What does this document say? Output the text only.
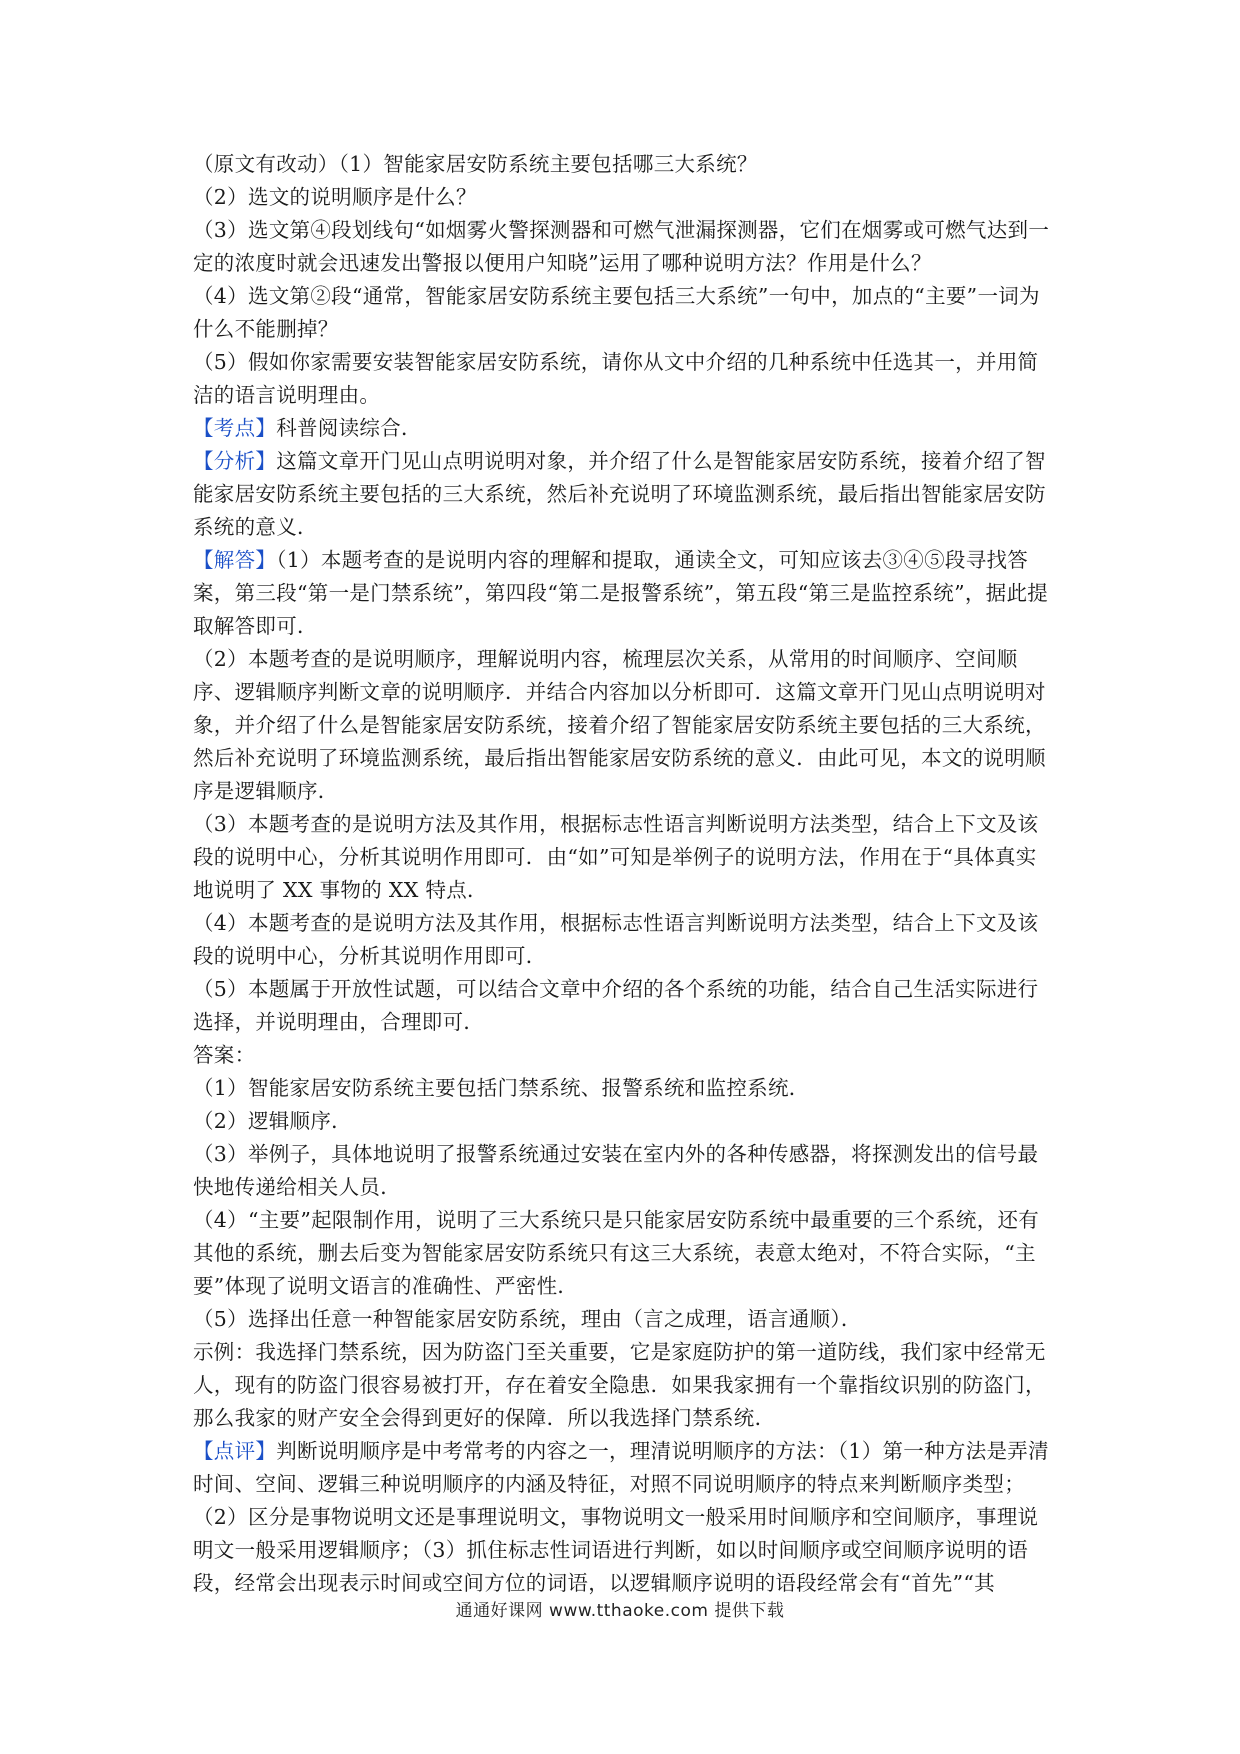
（原文有改动）（1）智能家居安防系统主要包括哪三大系统？

（2）选文的说明顺序是什么？

（3）选文第④段划线句“如烟雾火警探测器和可燃气泄漏探测器，它们在烟雾或可燃气达到一定的浓度时就会迅速发出警报以便用户知晓”运用了哪种说明方法？作用是什么？

（4）选文第②段“通常，智能家居安防系统主要包括三大系统”一句中，加点的“主要”一词为什么不能删掉？

（5）假如你家需要安装智能家居安防系统，请你从文中介绍的几种系统中任选其一，并用简洁的语言说明理由。

【考点】科普阅读综合．

【分析】这篇文章开门见山点明说明对象，并介绍了什么是智能家居安防系统，接着介绍了智能家居安防系统主要包括的三大系统，然后补充说明了环境监测系统，最后指出智能家居安防系统的意义．

【解答】（1）本题考查的是说明内容的理解和提取，通读全文，可知应该去③④⑤段寻找答案，第三段“第一是门禁系统”，第四段“第二是报警系统”，第五段“第三是监控系统”，据此提取解答即可．

（2）本题考查的是说明顺序，理解说明内容，梳理层次关系，从常用的时间顺序、空间顺序、逻辑顺序判断文章的说明顺序．并结合内容加以分析即可．这篇文章开门见山点明说明对象，并介绍了什么是智能家居安防系统，接着介绍了智能家居安防系统主要包括的三大系统，然后补充说明了环境监测系统，最后指出智能家居安防系统的意义．由此可见，本文的说明顺序是逻辑顺序．

（3）本题考查的是说明方法及其作用，根据标志性语言判断说明方法类型，结合上下文及该段的说明中心，分析其说明作用即可．由“如”可知是举例子的说明方法，作用在于“具体真实地说明了 XX 事物的 XX 特点．

（4）本题考查的是说明方法及其作用，根据标志性语言判断说明方法类型，结合上下文及该段的说明中心，分析其说明作用即可．

（5）本题属于开放性试题，可以结合文章中介绍的各个系统的功能，结合自己生活实际进行选择，并说明理由，合理即可．

答案：

（1）智能家居安防系统主要包括门禁系统、报警系统和监控系统．

（2）逻辑顺序．

（3）举例子，具体地说明了报警系统通过安装在室内外的各种传感器，将探测发出的信号最快地传递给相关人员．

（4）“主要”起限制作用，说明了三大系统只是只能家居安防系统中最重要的三个系统，还有其他的系统，删去后变为智能家居安防系统只有这三大系统，表意太绝对，不符合实际，“主要”体现了说明文语言的准确性、严密性．

（5）选择出任意一种智能家居安防系统，理由（言之成理，语言通顺）．

示例：我选择门禁系统，因为防盗门至关重要，它是家庭防护的第一道防线，我们家中经常无人，现有的防盗门很容易被打开，存在着安全隐患．如果我家拥有一个靠指纹识别的防盗门，那么我家的财产安全会得到更好的保障．所以我选择门禁系统．

【点评】判断说明顺序是中考常考的内容之一，理清说明顺序的方法：（1）第一种方法是弄清时间、空间、逻辑三种说明顺序的内涵及特征，对照不同说明顺序的特点来判断顺序类型；（2）区分是事物说明文还是事理说明文，事物说明文一般采用时间顺序和空间顺序，事理说明文一般采用逻辑顺序；（3）抓住标志性词语进行判断，如以时间顺序或空间顺序说明的语段，经常会出现表示时间或空间方位的词语，以逻辑顺序说明的语段经常会有“首先”“其

通通好课网 www.tthaoke.com 提供下载
